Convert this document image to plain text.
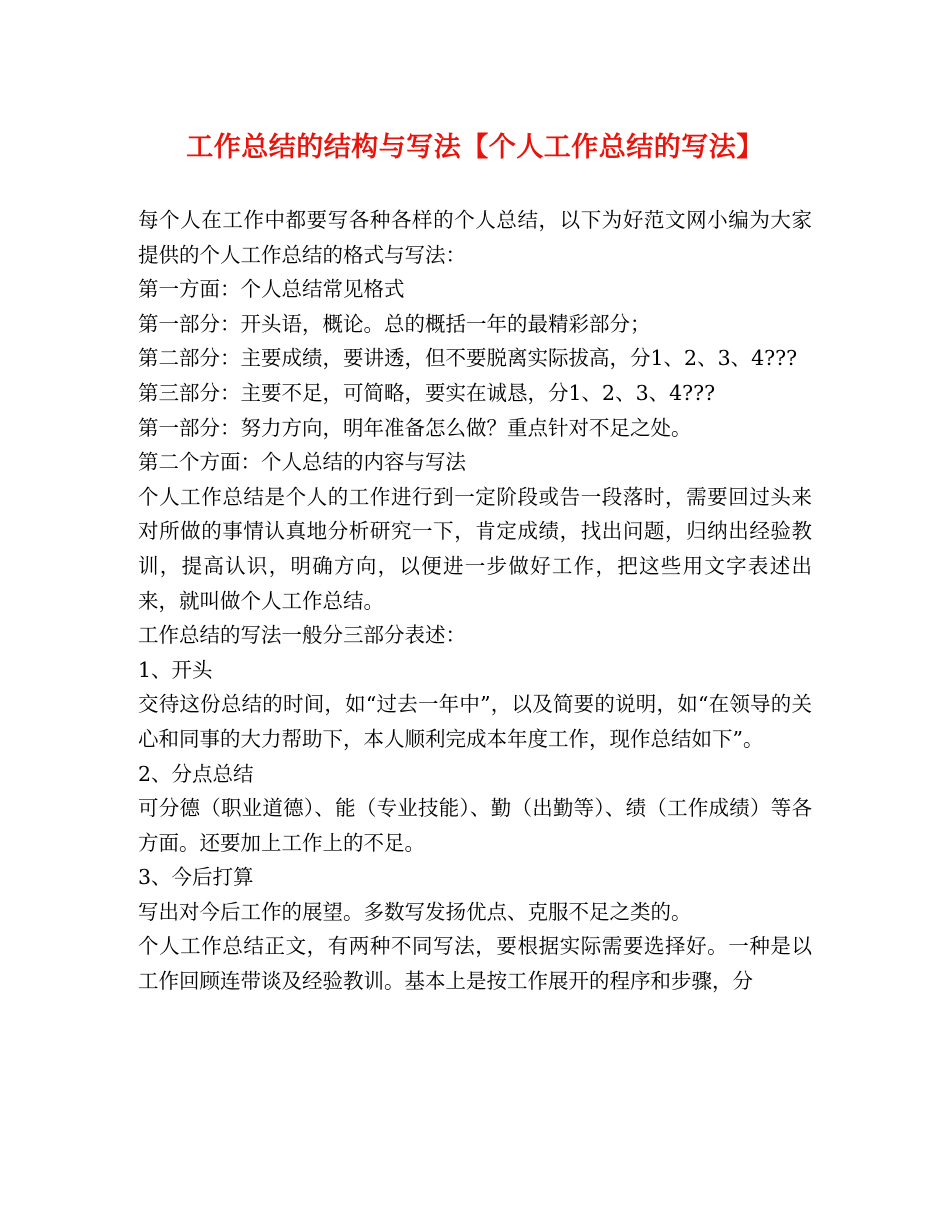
工作总结的结构与写法【个人工作总结的写法】

每个人在工作中都要写各种各样的个人总结，以下为好范文网小编为大家提供的个人工作总结的格式与写法：

第一方面：个人总结常见格式

第一部分：开头语，概论。总的概括一年的最精彩部分；

第二部分：主要成绩，要讲透，但不要脱离实际拔高，分1、2、3、4???

第三部分：主要不足，可简略，要实在诚恳，分1、2、3、4???

第一部分：努力方向，明年准备怎么做？重点针对不足之处。

第二个方面：个人总结的内容与写法

个人工作总结是个人的工作进行到一定阶段或告一段落时，需要回过头来对所做的事情认真地分析研究一下，肯定成绩，找出问题，归纳出经验教训，提高认识，明确方向，以便进一步做好工作，把这些用文字表述出来，就叫做个人工作总结。

工作总结的写法一般分三部分表述：

1、开头

交待这份总结的时间，如“过去一年中”，以及简要的说明，如“在领导的关心和同事的大力帮助下，本人顺利完成本年度工作，现作总结如下”。

2、分点总结

可分德（职业道德）、能（专业技能）、勤（出勤等）、绩（工作成绩）等各方面。还要加上工作上的不足。

3、今后打算

写出对今后工作的展望。多数写发扬优点、克服不足之类的。

个人工作总结正文，有两种不同写法，要根据实际需要选择好。一种是以工作回顾连带谈及经验教训。基本上是按工作展开的程序和步骤，分
